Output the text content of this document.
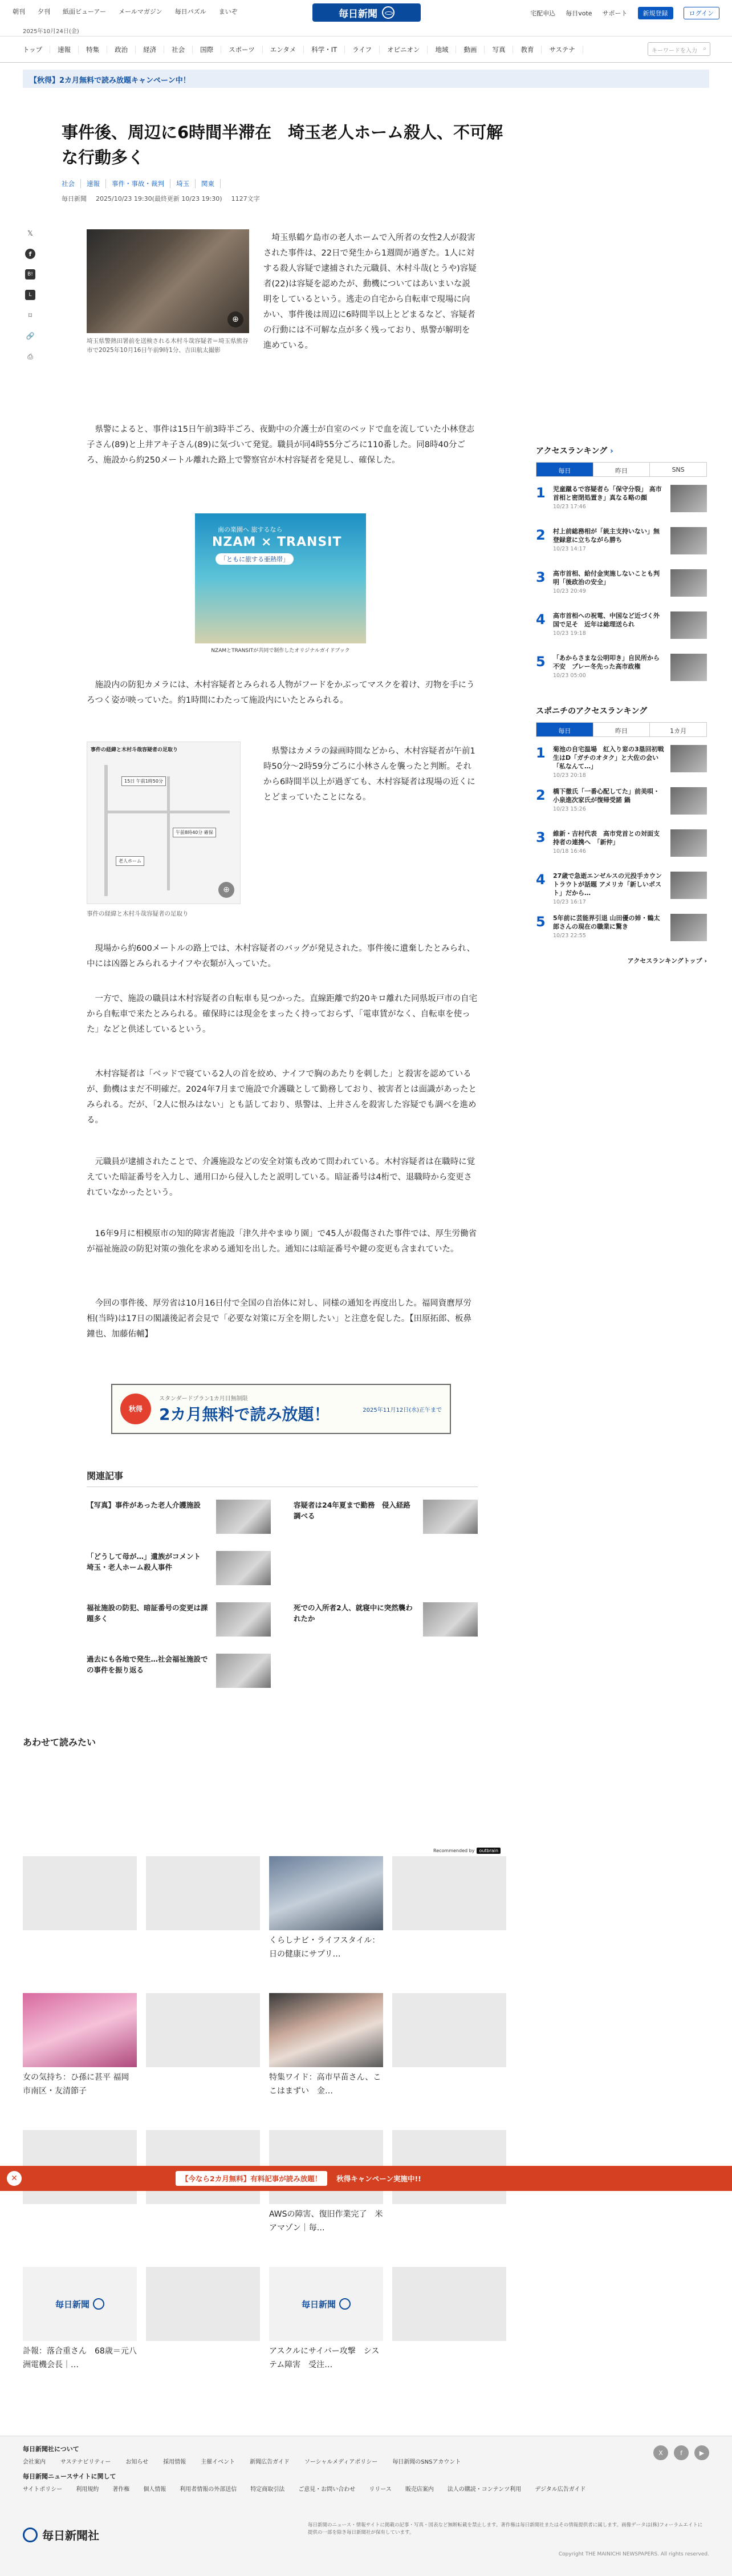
朝刊 夕刊 紙面ビューアー メールマガジン 毎日パズル まいぞ	毎日新聞	宅配申込 毎日vote サポート	新規登録	ログイン
2025年10月24日(金)
トップ	速報	特集	政治	経済	社会	国際	スポーツ	エンタメ	科学・IT	ライフ	オピニオン	地域	動画	写真	教育	サステナ	キーワードを入力 ⌕
【秋得】2カ月無料で読み放題キャンペーン中！
𝕏
f
B!
L
⌑
🔗
⎙
事件後、周辺に6時間半滞在　埼玉老人ホーム殺人、不可解な行動多く
社会	速報	事件・事故・裁判	埼玉	関東
毎日新聞 2025/10/23 19:30(最終更新 10/23 19:30) 1127文字
⊕
埼玉県警熱田署前を送検される木村斗哉容疑者＝埼玉県熊谷市で2025年10月16日午前9時1分、吉田航太撮影

埼玉県鶴ケ島市の老人ホームで入所者の女性2人が殺害された事件は、22日で発生から1週間が過ぎた。1人に対する殺人容疑で逮捕された元職員、木村斗哉(とうや)容疑者(22)は容疑を認めたが、動機についてはあいまいな説明をしているという。逃走の自宅から自転車で現場に向かい、事件後は周辺に6時間半以上とどまるなど、容疑者の行動には不可解な点が多く残っており、県警が解明を進めている。

県警によると、事件は15日午前3時半ごろ、夜勤中の介護士が自室のベッドで血を流していた小林登志子さん(89)と上井アキ子さん(89)に気づいて発覚。職員が同4時55分ごろに110番した。同8時40分ごろ、施設から約250メートル離れた路上で警察官が木村容疑者を発見し、確保した。

南の楽園へ 旅するなら
NZAM × TRANSIT
「ともに旅する亜熱帯」
NZAMとTRANSITが共同で制作したオリジナルガイドブック

施設内の防犯カメラには、木村容疑者とみられる人物がフードをかぶってマスクを着け、刃物を手にうろつく姿が映っていた。約1時間にわたって施設内にいたとみられる。

事件の経緯と木村斗哉容疑者の足取り
15日 午前1時50分
午前8時40分 確保
老人ホーム
⊕
事件の経緯と木村斗哉容疑者の足取り

県警はカメラの録画時間などから、木村容疑者が午前1時50分～2時59分ごろに小林さんを襲ったと判断。それから6時間半以上が過ぎても、木村容疑者は現場の近くにとどまっていたことになる。

現場から約600メートルの路上では、木村容疑者のバッグが発見された。事件後に遺棄したとみられ、中には凶器とみられるナイフや衣類が入っていた。

一方で、施設の職員は木村容疑者の自転車も見つかった。直線距離で約20キロ離れた同県坂戸市の自宅から自転車で来たとみられる。確保時には現金をまったく持っておらず、「電車賃がなく、自転車を使った」などと供述しているという。

木村容疑者は「ベッドで寝ている2人の首を絞め、ナイフで胸のあたりを刺した」と殺害を認めているが、動機はまだ不明確だ。2024年7月まで施設で介護職として勤務しており、被害者とは面識があったとみられる。だが、「2人に恨みはない」とも話しており、県警は、上井さんを殺害した容疑でも調べを進める。

元職員が逮捕されたことで、介護施設などの安全対策も改めて問われている。木村容疑者は在職時に覚えていた暗証番号を入力し、通用口から侵入したと説明している。暗証番号は4桁で、退職時から変更されていなかったという。

16年9月に相模原市の知的障害者施設「津久井やまゆり園」で45人が殺傷された事件では、厚生労働省が福祉施設の防犯対策の強化を求める通知を出した。通知には暗証番号や鍵の変更も含まれていた。

今回の事件後、厚労省は10月16日付で全国の自治体に対し、同様の通知を再度出した。福岡資麿厚労相(当時)は17日の閣議後記者会見で「必要な対策に万全を期したい」と注意を促した。【田原拓郎、板鼻鐘也、加藤佑輔】

秋得
スタンダードプラン1カ月目無制限
2カ月無料で読み放題！	2025年11月12日(水)正午まで
関連記事
【写真】事件があった老人介護施設	容疑者は24年夏まで勤務　侵入経路調べる
「どうして母が…」遺族がコメント　埼玉・老人ホーム殺人事件
福祉施設の防犯、暗証番号の変更は課題多く
死での入所者2人、就寝中に突然襲われたか
過去にも各地で発生…社会福祉施設での事件を振り返る
アクセスランキング ›
毎日	昨日	SNS
1 児童蹴るで容疑者ら「保守分裂」 高市首相と密閉処置き」真なる略の顔
10/23 17:46
2 村上前総務相が「統主支持いない」無登録意に立ちながら勝ち
10/23 14:17
3 高市首相、給付金実施しないことも判明「後政治の安全」
10/23 20:49
4 高市首相への祝電、中国など近づく外国で足そ　近年は総理送られ
10/23 19:18
5 「あからさまな公明叩き」自民所から不安　プレー冬先った高市政権
10/23 05:00
スポニチのアクセスランキング
毎日	昨日	1カ月
1 菊池の自宅温場　紅入り窓の3塁回初戦生はD「ガチのオタク」と大佐の会い「私なんて…」
10/23 20:18
2 橋下徹氏「一番心配してた」前美唄・小泉進次家氏が復帰受諾 鍋
10/23 15:26
3 維新・吉村代表　高市党首との対面支持者の連携へ　「新仲」
10/18 16:46
4 27歳で急逝エンゼルスの元投手カウントラウトが話題 アメリカ「新しいポスト」だから…
10/23 16:17
5 5年前に芸能界引退 山田優の姉・鶴太郎さんの現在の職業に驚き
10/23 22:55
アクセスランキングトップ ›
あわせて読みたい
Recommended by outbrain
くらしナビ・ライフスタイル：日の健康にサプリ…
女の気持ち：ひ孫に甚平 福岡市南区・友清節子
特集ワイド：高市早苗さん、ここはまずい　金…
AWSの障害、復旧作業完了　米アマゾン｜毎…
毎日新聞
訃報：落合重さん　68歳＝元八洲電機会長｜…
毎日新聞
アスクルにサイバー攻撃　システム障害　受注…
✕	【今なら2カ月無料】有料記事が読み放題！	秋得キャンペーン実施中!!
毎日新聞社について
会社案内	サステナビリティー	お知らせ	採用情報	主催イベント	新聞広告ガイド	ソーシャルメディアポリシー	毎日新聞のSNSアカウント
毎日新聞ニュースサイトに関して
サイトポリシー 利用規約 著作権 個人情報 利用者情報の外部送信 特定商取引法 ご意見・お問い合わせ リリース 販売店案内 法人の購読・コンテンツ利用 デジタル広告ガイド
X	f	▶
毎日新聞社
毎日新聞のニュース・情報サイトに掲載の記事・写真・図表など無断転載を禁止します。著作権は毎日新聞社またはその情報提供者に属します。画像データは(株)フォーラムエイトに提供の一部を除き毎日新聞社が保有しています。
Copyright THE MAINICHI NEWSPAPERS. All rights reserved.
